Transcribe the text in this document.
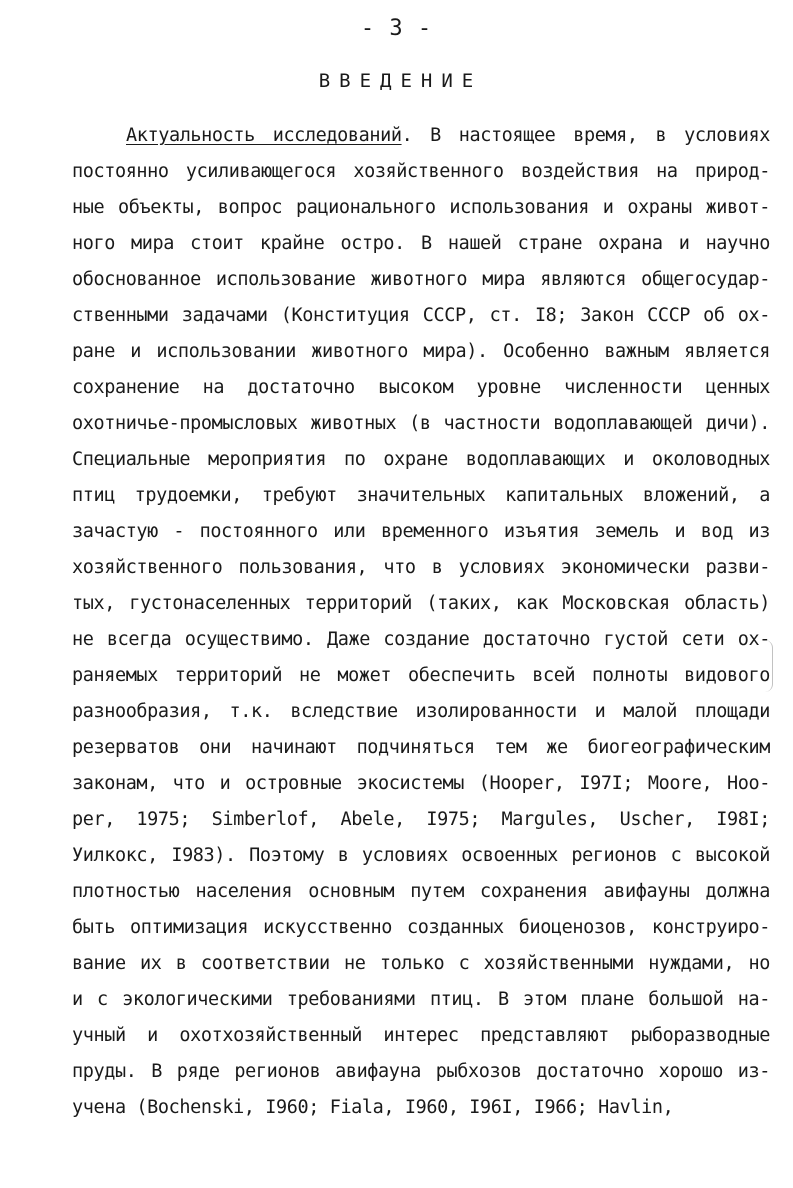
- 3 -
ВВЕДЕНИЕ
Актуальность исследований. В настоящее время, в условиях
постоянно усиливающегося хозяйственного воздействия на природ-
ные объекты, вопрос рационального использования и охраны живот-
ного мира стоит крайне остро. В нашей стране охрана и научно
обоснованное использование животного мира являются общегосудар-
ственными задачами (Конституция СССР, ст. I8; Закон СССР об ох-
ране и использовании животного мира). Особенно важным является
сохранение на достаточно высоком уровне численности ценных
охотничье-промысловых животных (в частности водоплавающей дичи).
Специальные мероприятия по охране водоплавающих и околоводных
птиц трудоемки, требуют значительных капитальных вложений, а
зачастую - постоянного или временного изъятия земель и вод из
хозяйственного пользования, что в условиях экономически разви-
тых, густонаселенных территорий (таких, как Московская область)
не всегда осуществимо. Даже создание достаточно густой сети ох-
раняемых территорий не может обеспечить всей полноты видового
разнообразия, т.к. вследствие изолированности и малой площади
резерватов они начинают подчиняться тем же биогеографическим
законам, что и островные экосистемы (Hooper, I97I; Moore, Hoo-
per, 1975; Simberlof, Abele, I975; Margules, Uscher, I98I;
Уилкокс, I983). Поэтому в условиях освоенных регионов с высокой
плотностью населения основным путем сохранения авифауны должна
быть оптимизация искусственно созданных биоценозов, конструиро-
вание их в соответствии не только с хозяйственными нуждами, но
и с экологическими требованиями птиц. В этом плане большой на-
учный и охотхозяйственный интерес представляют рыборазводные
пруды. В ряде регионов авифауна рыбхозов достаточно хорошо из-
учена (Bochenski, I960; Fiala, I960, I96I, I966; Havlin,
